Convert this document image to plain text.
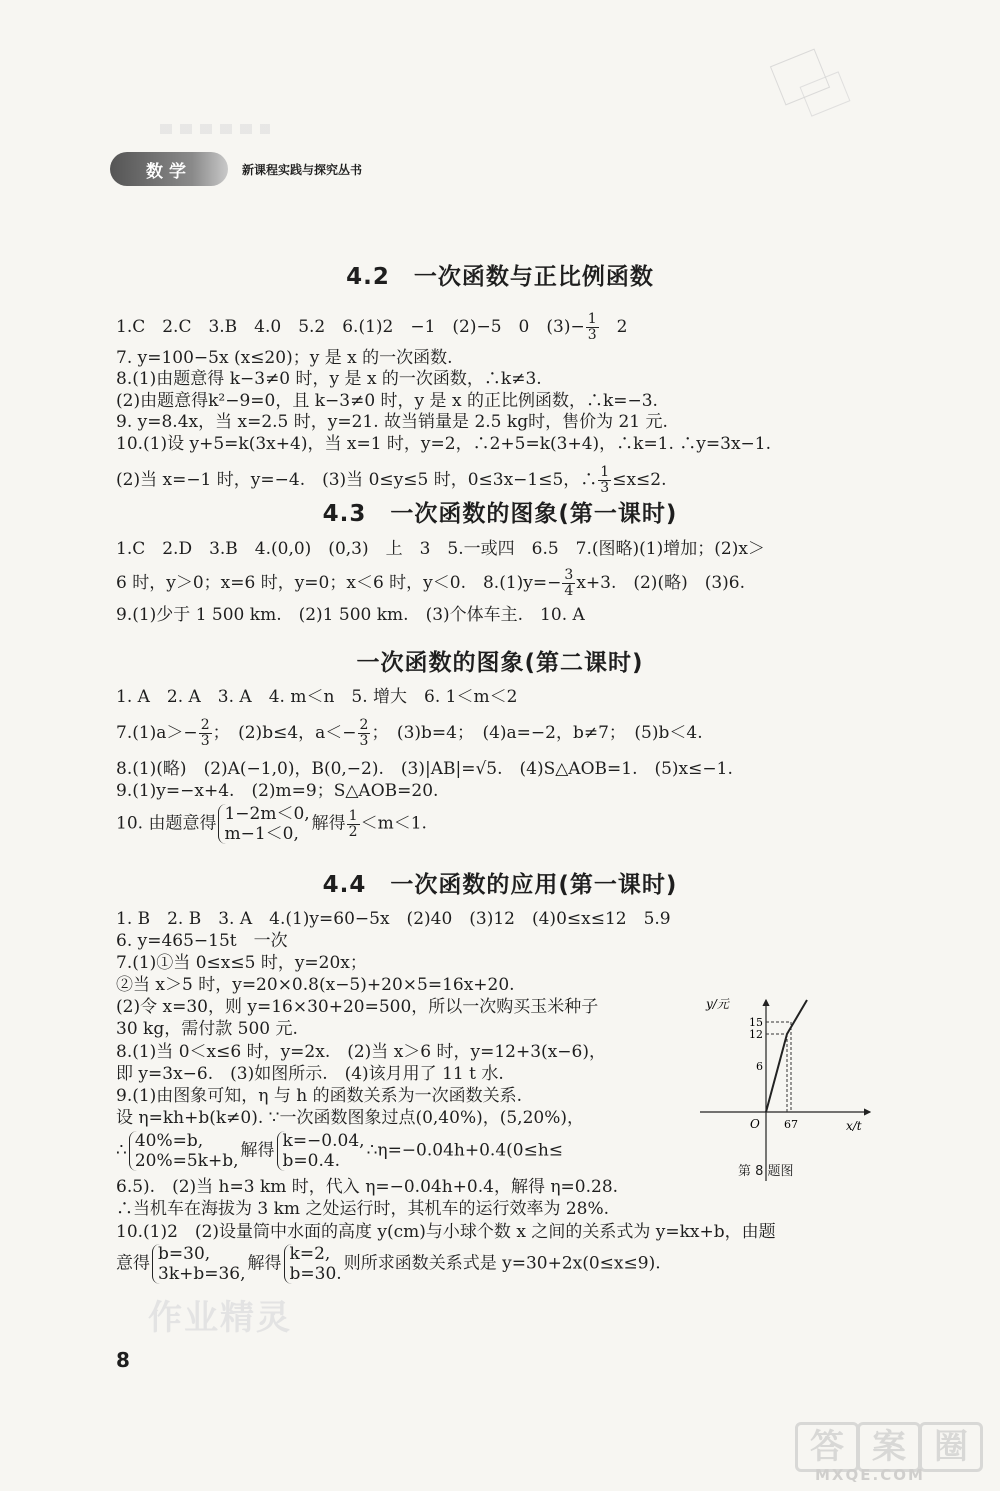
数学	新课程实践与探究丛书
4.2　一次函数与正比例函数
1.C　2.C　3.B　4.0　5.2　6.(1)2　−1　(2)−5　0　$(3)- \frac{1}{3}$ 　2
7. y=100−5x (x≤20)；y 是 x 的一次函数.
8.(1)由题意得 k−3≠0 时，y 是 x 的一次函数，∴k≠3.
(2)由题意得k²−9=0，且 k−3≠0 时，y 是 x 的正比例函数，∴k=−3.
9. y=8.4x，当 x=2.5 时，y=21. 故当销量是 2.5 kg时，售价为 21 元.
10.(1)设 y+5=k(3x+4)，当 x=1 时，y=2，∴2+5=k(3+4)，∴k=1. ∴y=3x−1.
(2)当 x=−1 时，y=−4.　(3)当 0≤y≤5 时，0≤3x−1≤5，∴ $\frac{1}{3} \le x\le 2$.
4.3　一次函数的图象(第一课时)
1.C　2.D　3.B　4.(0,0)　(0,3)　上　3　5.一或四　6.5　7.(图略)(1)增加；(2)x＞
6 时，y＞0；x=6 时，y=0；x＜6 时，y＜0.　$8.(1)y=- \frac{3}{4} x+3$.　(2)(略)　(3)6.
9.(1)少于 1 500 km.　(2)1 500 km.　(3)个体车主.　10. A
一次函数的图象(第二课时)
1. A　2. A　3. A　4. m＜n　5. 增大　6. 1＜m＜2
$7.(1)a>- \frac{2}{3}$ ；　(2)b≤4，$a<- \frac{2}{3}$ ；　(3)b=4；　(4)a=−2，b≠7；　(5)b＜4.
8.(1)(略)　(2)A(−1,0)，B(0,−2).　(3)|AB|=√5.　(4)S△AOB=1.　(5)x≤−1.
9.(1)y=−x+4.　(2)m=9；S△AOB=20.
10. 由题意得 1−2m＜0,
m−1＜0,
解得 $\frac{1}{2} <m<1$.
4.4　一次函数的应用(第一课时)
1. B　2. B　3. A　4.(1)y=60−5x　(2)40　(3)12　(4)0≤x≤12　5.9
6. y=465−15t　一次
7.(1)①当 0≤x≤5 时，y=20x；
②当 x＞5 时，y=20×0.8(x−5)+20×5=16x+20.
(2)令 x=30，则 y=16×30+20=500，所以一次购买玉米种子
30 kg，需付款 500 元.
8.(1)当 0＜x≤6 时，y=2x.　(2)当 x＞6 时，y=12+3(x−6)，
即 y=3x−6.　(3)如图所示.　(4)该月用了 11 t 水.
9.(1)由图象可知，η 与 h 的函数关系为一次函数关系.
设 η=kh+b(k≠0). ∵一次函数图象过点(0,40%)，(5,20%)，
∴ 40%=b,
20%=5k+b,
解得 k=−0.04,
b=0.4.
∴η=−0.04h+0.4(0≤h≤
6.5).　(2)当 h=3 km 时，代入 η=−0.04h+0.4，解得 η=0.28.
∴当机车在海拔为 3 km 之处运行时，其机车的运行效率为 28%.
10.(1)2　(2)设量筒中水面的高度 y(cm)与小球个数 x 之间的关系式为 y=kx+b，由题
意得 b=30,
3k+b=36,
解得 k=2,
b=30.
则所求函数关系式是 y=30+2x(0≤x≤9).
y/元
x/t
O
15
12
6
6 7
第 8 题图
作业精灵
8
答 案 圈
MXQE.COM
